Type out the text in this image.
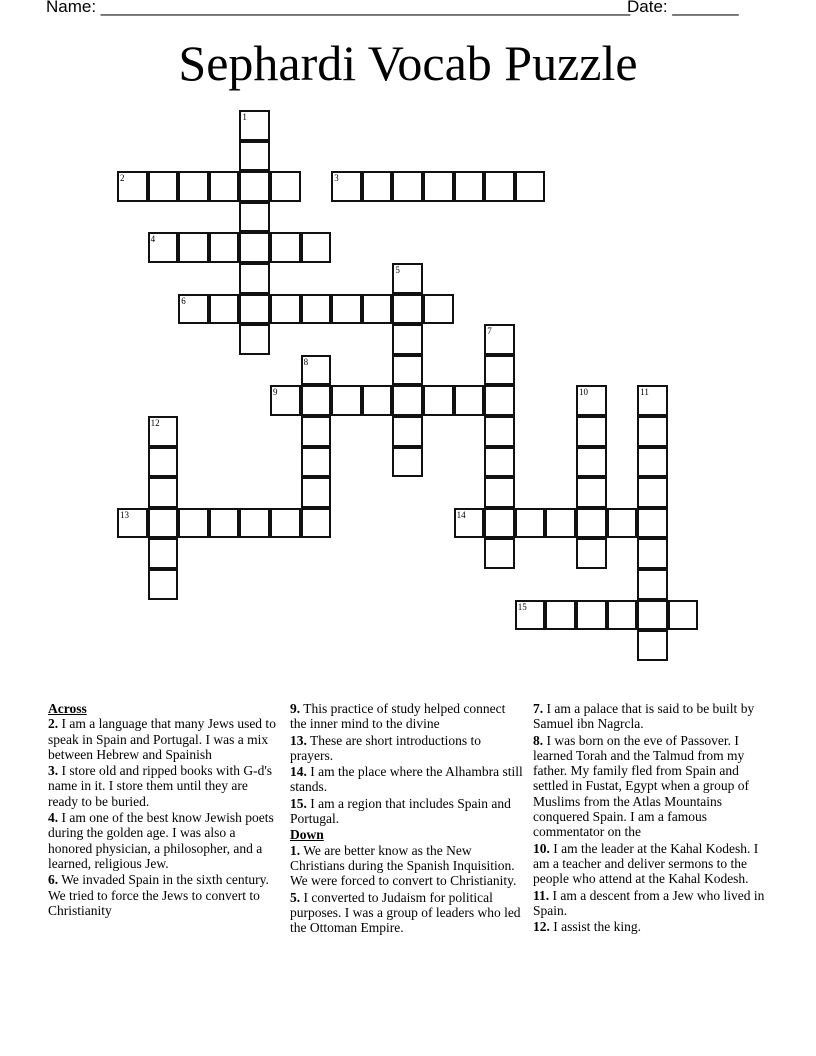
Name: ________________________________________________________
Date: _______
Sephardi Vocab Puzzle
1
2	3
4
5
6
7
8
9	10	11
12
13	14
15
Across

2. I am a language that many Jews used to speak in Spain and Portugal. I was a mix between Hebrew and Spainish

3. I store old and ripped books with G-d's name in it. I store them until they are ready to be buried.

4. I am one of the best know Jewish poets during the golden age. I was also a honored physician, a philosopher, and a learned, religious Jew.

6. We invaded Spain in the sixth century. We tried to force the Jews to convert to Christianity

9. This practice of study helped connect the inner mind to the divine

13. These are short introductions to prayers.

14. I am the place where the Alhambra still stands.

15. I am a region that includes Spain and Portugal.

Down

1. We are better know as the New Christians during the Spanish Inquisition. We were forced to convert to Christianity.

5. I converted to Judaism for political purposes. I was a group of leaders who led the Ottoman Empire.

7. I am a palace that is said to be built by Samuel ibn Nagrcla.

8. I was born on the eve of Passover. I learned Torah and the Talmud from my father. My family fled from Spain and settled in Fustat, Egypt when a group of Muslims from the Atlas Mountains conquered Spain. I am a famous commentator on the

10. I am the leader at the Kahal Kodesh. I am a teacher and deliver sermons to the people who attend at the Kahal Kodesh.

11. I am a descent from a Jew who lived in Spain.

12. I assist the king.
